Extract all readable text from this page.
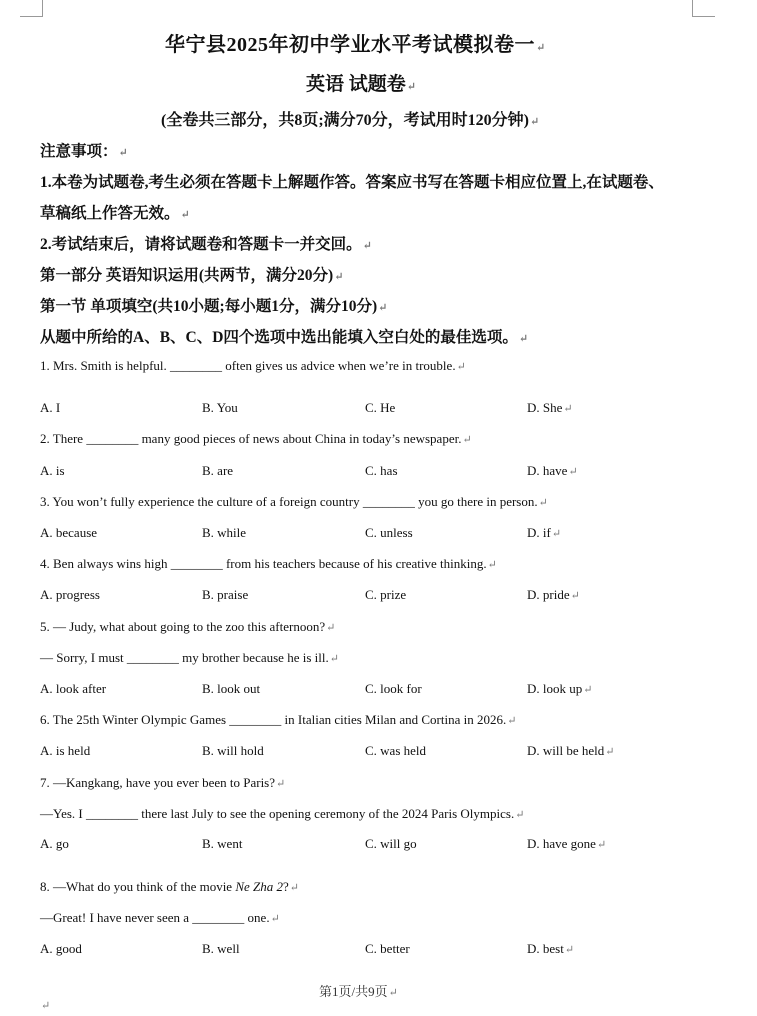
华宁县2025年初中学业水平考试模拟卷一↵
英语 试题卷↵
(全卷共三部分，共8页;满分70分，考试用时120分钟)↵
注意事项：↵
1.本卷为试题卷,考生必须在答题卡上解题作答。答案应书写在答题卡相应位置上,在试题卷、
草稿纸上作答无效。↵
2.考试结束后，请将试题卷和答题卡一并交回。↵
第一部分 英语知识运用(共两节，满分20分)↵
第一节 单项填空(共10小题;每小题1分，满分10分)↵
从题中所给的A、B、C、D四个选项中选出能填入空白处的最佳选项。↵
1. Mrs. Smith is helpful. ________ often gives us advice when we’re in trouble.↵
A. I	B. You	C. He	D. She↵
2. There ________ many good pieces of news about China in today’s newspaper.↵
A. is	B. are	C. has	D. have↵
3. You won’t fully experience the culture of a foreign country ________ you go there in person.↵
A. because	B. while	C. unless	D. if↵
4. Ben always wins high ________ from his teachers because of his creative thinking.↵
A. progress	B. praise	C. prize	D. pride↵
5. — Judy, what about going to the zoo this afternoon?↵
— Sorry, I must ________ my brother because he is ill.↵
A. look after	B. look out	C. look for	D. look up↵
6. The 25th Winter Olympic Games ________ in Italian cities Milan and Cortina in 2026.↵
A. is held	B. will hold	C. was held	D. will be held↵
7. —Kangkang, have you ever been to Paris?↵
—Yes. I ________ there last July to see the opening ceremony of the 2024 Paris Olympics.↵
A. go	B. went	C. will go	D. have gone↵
8. —What do you think of the movie Ne Zha 2?↵
—Great! I have never seen a ________ one.↵
A. good	B. well	C. better	D. best↵
第1页/共9页↵
↵
